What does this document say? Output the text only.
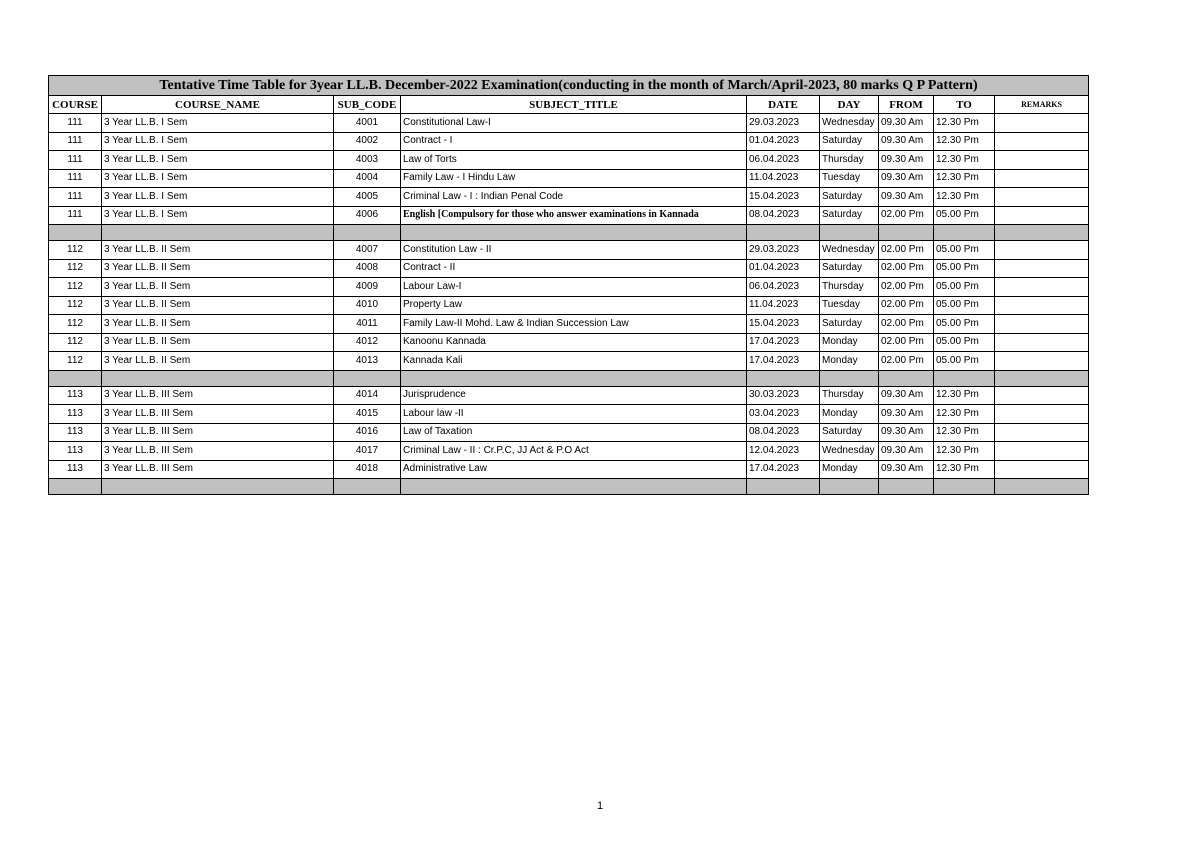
Tentative Time Table for 3year LL.B. December-2022 Examination(conducting in the month of March/April-2023, 80 marks Q P Pattern)								
COURSE	COURSE_NAME	SUB_CODE	SUBJECT_TITLE	DATE	DAY	FROM	TO	REMARKS
111	3 Year LL.B. I Sem	4001	Constitutional Law-I	29.03.2023	Wednesday	09.30 Am	12.30 Pm	
111	3 Year LL.B. I Sem	4002	Contract - I	01.04.2023	Saturday	09.30 Am	12.30 Pm	
111	3 Year LL.B. I Sem	4003	Law of Torts	06.04.2023	Thursday	09.30 Am	12.30 Pm	
111	3 Year LL.B. I Sem	4004	Family Law - I Hindu Law	11.04.2023	Tuesday	09.30 Am	12.30 Pm	
111	3 Year LL.B. I Sem	4005	Criminal Law - I : Indian Penal Code	15.04.2023	Saturday	09.30 Am	12.30 Pm	
111	3 Year LL.B. I Sem	4006	English [Compulsory for those who answer examinations in Kannada	08.04.2023	Saturday	02.00 Pm	05.00 Pm	

112	3 Year LL.B. II Sem	4007	Constitution Law - II	29.03.2023	Wednesday	02.00 Pm	05.00 Pm	
112	3 Year LL.B. II Sem	4008	Contract - II	01.04.2023	Saturday	02.00 Pm	05.00 Pm	
112	3 Year LL.B. II Sem	4009	Labour Law-I	06.04.2023	Thursday	02.00 Pm	05.00 Pm	
112	3 Year LL.B. II Sem	4010	Property Law	11.04.2023	Tuesday	02.00 Pm	05.00 Pm	
112	3 Year LL.B. II Sem	4011	Family Law-II Mohd. Law & Indian Succession Law	15.04.2023	Saturday	02.00 Pm	05.00 Pm	
112	3 Year LL.B. II Sem	4012	Kanoonu Kannada	17.04.2023	Monday	02.00 Pm	05.00 Pm	
112	3 Year LL.B. II Sem	4013	Kannada Kali	17.04.2023	Monday	02.00 Pm	05.00 Pm	

113	3 Year LL.B. III Sem	4014	Jurisprudence	30.03.2023	Thursday	09.30 Am	12.30 Pm	
113	3 Year LL.B. III Sem	4015	Labour law -II	03.04.2023	Monday	09.30 Am	12.30 Pm	
113	3 Year LL.B. III Sem	4016	Law of Taxation	08.04.2023	Saturday	09.30 Am	12.30 Pm	
113	3 Year LL.B. III Sem	4017	Criminal Law - II : Cr.P.C, JJ Act & P.O Act	12.04.2023	Wednesday	09.30 Am	12.30 Pm	
113	3 Year LL.B. III Sem	4018	Administrative Law	17.04.2023	Monday	09.30 Am	12.30 Pm	

1
